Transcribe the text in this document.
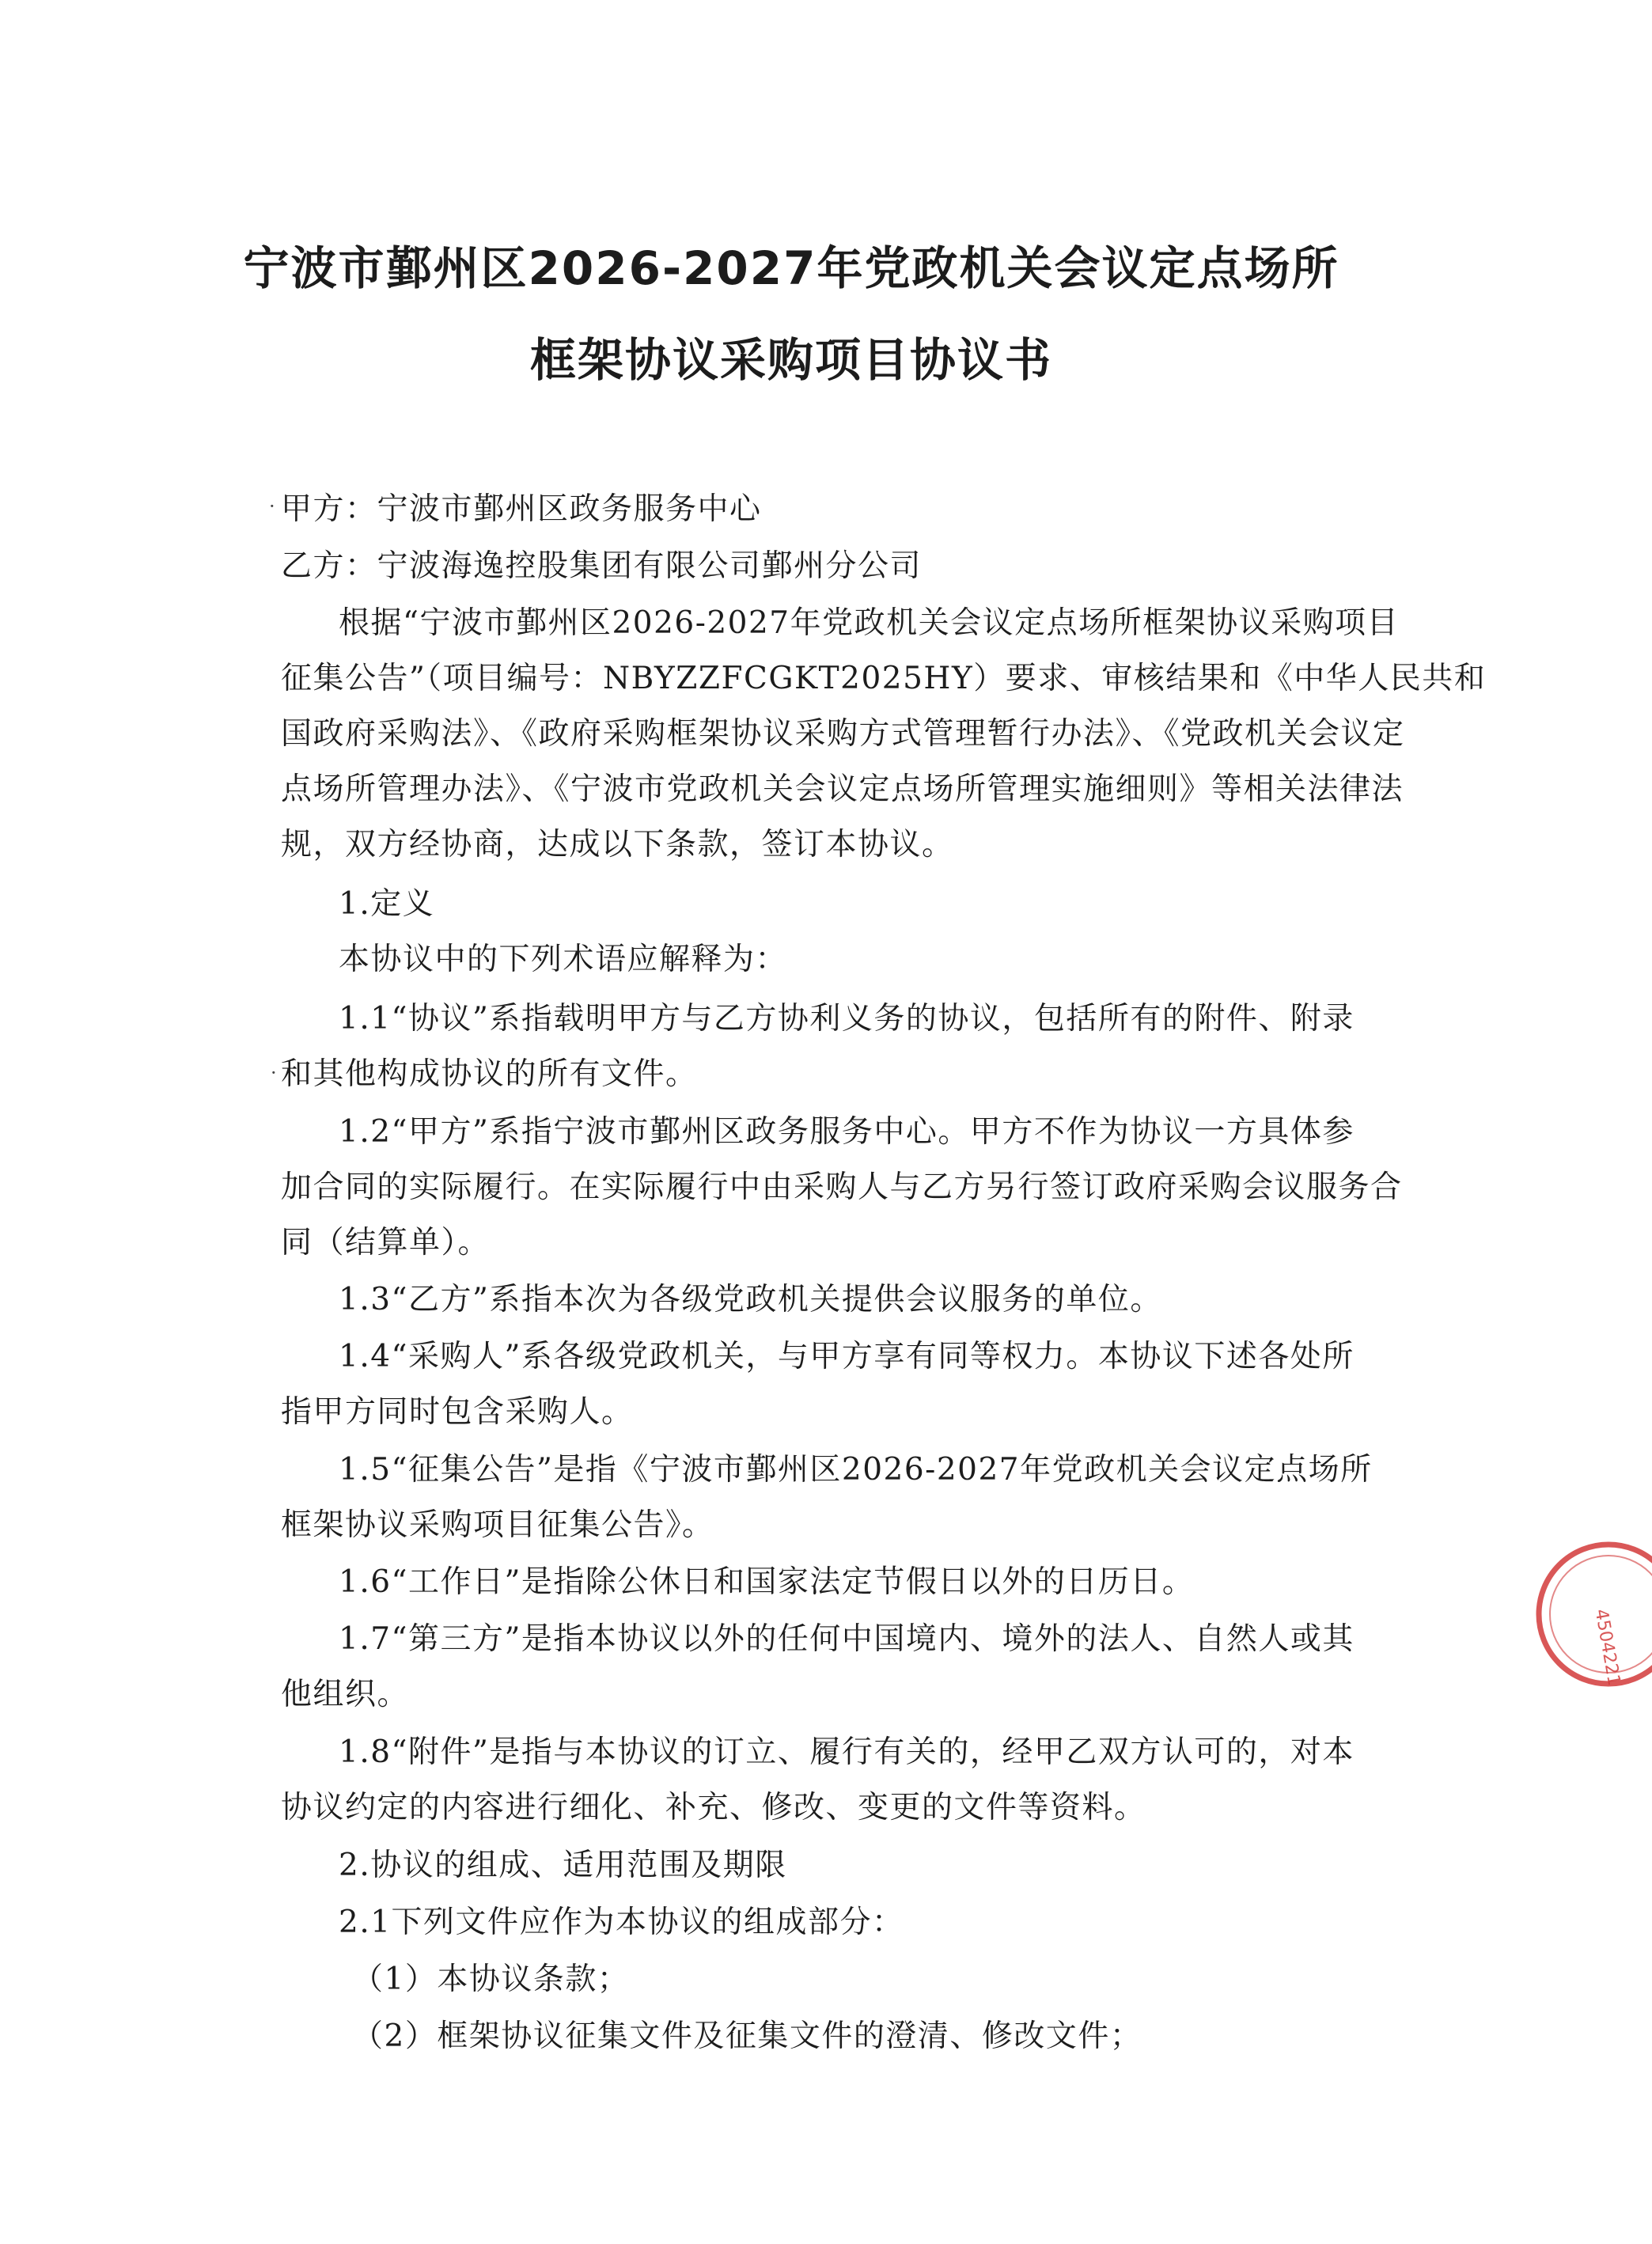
宁波市鄞州区2026-2027年党政机关会议定点场所
框架协议采购项目协议书
· 甲方：宁波市鄞州区政务服务中心
乙方：宁波海逸控股集团有限公司鄞州分公司
根据“宁波市鄞州区2026-2027年党政机关会议定点场所框架协议采购项目
征集公告”（项目编号：NBYZZFCGKT2025HY）要求、审核结果和《中华人民共和
国政府采购法》、《政府采购框架协议采购方式管理暂行办法》、《党政机关会议定
点场所管理办法》、《宁波市党政机关会议定点场所管理实施细则》等相关法律法
规，双方经协商，达成以下条款，签订本协议。
1.定义
本协议中的下列术语应解释为：
1.1“协议”系指载明甲方与乙方协利义务的协议，包括所有的附件、附录
· 和其他构成协议的所有文件。
1.2“甲方”系指宁波市鄞州区政务服务中心。甲方不作为协议一方具体参
加合同的实际履行。在实际履行中由采购人与乙方另行签订政府采购会议服务合
同（结算单）。
1.3“乙方”系指本次为各级党政机关提供会议服务的单位。
1.4“采购人”系各级党政机关，与甲方享有同等权力。本协议下述各处所
指甲方同时包含采购人。
1.5“征集公告”是指《宁波市鄞州区2026-2027年党政机关会议定点场所
框架协议采购项目征集公告》。
1.6“工作日”是指除公休日和国家法定节假日以外的日历日。
1.7“第三方”是指本协议以外的任何中国境内、境外的法人、自然人或其
他组织。
1.8“附件”是指与本协议的订立、履行有关的，经甲乙双方认可的，对本
协议约定的内容进行细化、补充、修改、变更的文件等资料。
2.协议的组成、适用范围及期限
2.1下列文件应作为本协议的组成部分：
（1）本协议条款；
（2）框架协议征集文件及征集文件的澄清、修改文件；
4504221
